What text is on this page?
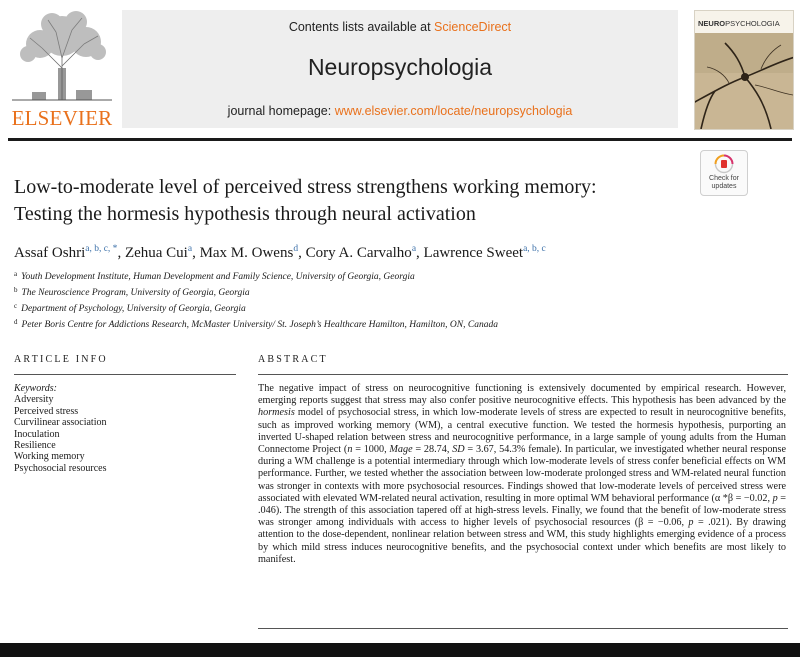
ELSEVIER
Contents lists available at ScienceDirect
Neuropsychologia
journal homepage: www.elsevier.com/locate/neuropsychologia
NEUROPSYCHOLOGIA
Check for
updates
Low-to-moderate level of perceived stress strengthens working memory:
Testing the hormesis hypothesis through neural activation
Assaf Oshri$^{a, b, c, *}$, Zehua Cui$^a$, Max M. Owens$^d$, Cory A. Carvalho$^a$, Lawrence Sweet$^{a, b, c}$
$^a$ Youth Development Institute, Human Development and Family Science, University of Georgia, Georgia
$^b$ The Neuroscience Program, University of Georgia, Georgia
$^c$ Department of Psychology, University of Georgia, Georgia
$^d$ Peter Boris Centre for Addictions Research, McMaster University/ St. Joseph’s Healthcare Hamilton, Hamilton, ON, Canada
ARTICLE INFO	ABSTRACT
Keywords:
Adversity
Perceived stress
Curvilinear association
Inoculation
Resilience
Working memory
Psychosocial resources
The negative impact of stress on neurocognitive functioning is extensively documented by empirical research. However, emerging reports suggest that stress may also confer positive neurocognitive effects. This hypothesis has been advanced by the hormesis model of psychosocial stress, in which low-moderate levels of stress are expected to result in neurocognitive benefits, such as improved working memory (WM), a central executive function. We tested the hormesis hypothesis, purporting an inverted U-shaped relation between stress and neurocognitive performance, in a large sample of young adults from the Human Connectome Project (n = 1000, Mage = 28.74, SD = 3.67, 54.3% female). In particular, we investigated whether neural response during a WM challenge is a potential intermediary through which low-moderate levels of stress confer beneficial effects on WM performance. Further, we tested whether the association between low-moderate prolonged stress and WM-related neural function was stronger in contexts with more psychosocial resources. Findings showed that low-moderate levels of perceived stress were associated with elevated WM-related neural activation, resulting in more optimal WM behavioral performance (α *β = −0.02, p = .046). The strength of this association tapered off at high-stress levels. Finally, we found that the benefit of low-moderate stress was stronger among individuals with access to higher levels of psychosocial resources (β = −0.06, p = .021). By drawing attention to the dose-dependent, nonlinear relation between stress and WM, this study highlights emerging evidence of a process by which mild stress induces neurocognitive benefits, and the psychosocial context under which benefits are most likely to manifest.
